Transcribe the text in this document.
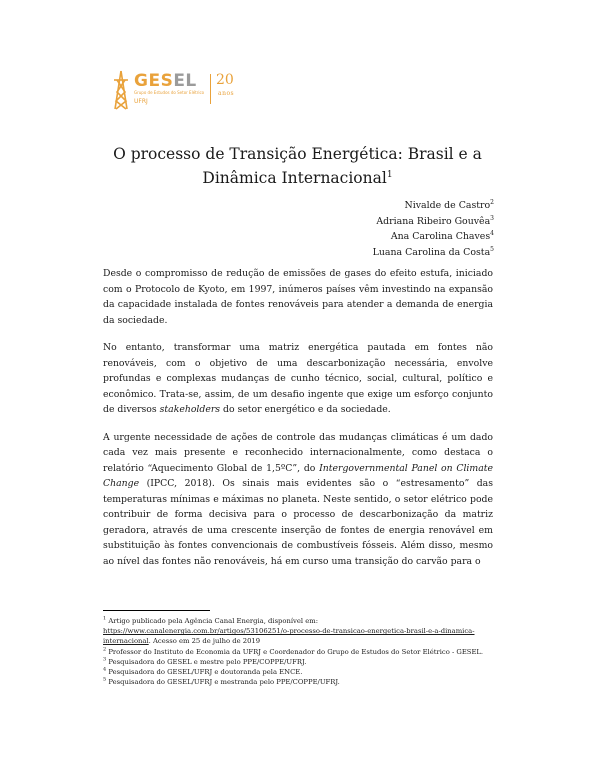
GESEL
Grupo de Estudos do Setor Elétrico
UFRJ
20
anos
O processo de Transição Energética: Brasil e a
Dinâmica Internacional$^1$
Nivalde de Castro$^2$
Adriana Ribeiro Gouvêa$^3$
Ana Carolina Chaves$^4$
Luana Carolina da Costa$^5$

Desde o compromisso de redução de emissões de gases do efeito estufa, iniciado com o Protocolo de Kyoto, em 1997, inúmeros países vêm investindo na expansão da capacidade instalada de fontes renováveis para atender a demanda de energia da sociedade.

No entanto, transformar uma matriz energética pautada em fontes não renováveis, com o objetivo de uma descarbonização necessária, envolve profundas e complexas mudanças de cunho técnico, social, cultural, político e econômico. Trata-se, assim, de um desafio ingente que exige um esforço conjunto de diversos stakeholders do setor energético e da sociedade.

A urgente necessidade de ações de controle das mudanças climáticas é um dado cada vez mais presente e reconhecido internacionalmente, como destaca o relatório “Aquecimento Global de 1,5ºC”, do Intergovernmental Panel on Climate Change (IPCC, 2018). Os sinais mais evidentes são o “estresamento” das temperaturas mínimas e máximas no planeta. Neste sentido, o setor elétrico pode contribuir de forma decisiva para o processo de descarbonização da matriz geradora, através de uma crescente inserção de fontes de energia renovável em substituição às fontes convencionais de combustíveis fósseis. Além disso, mesmo ao nível das fontes não renováveis, há em curso uma transição do carvão para o

$^1$ Artigo publicado pela Agência Canal Energia, disponível em:

https://www.canalenergia.com.br/artigos/53106251/o-processo-de-transicao-energetica-brasil-e-a-dinamica-internacional. Acesso em 25 de julho de 2019

$^2$ Professor do Instituto de Economia da UFRJ e Coordenador do Grupo de Estudos do Setor Elétrico - GESEL.

$^3$ Pesquisadora do GESEL e mestre pelo PPE/COPPE/UFRJ.

$^4$ Pesquisadora do GESEL/UFRJ e doutoranda pela ENCE.

$^5$ Pesquisadora do GESEL/UFRJ e mestranda pelo PPE/COPPE/UFRJ.
